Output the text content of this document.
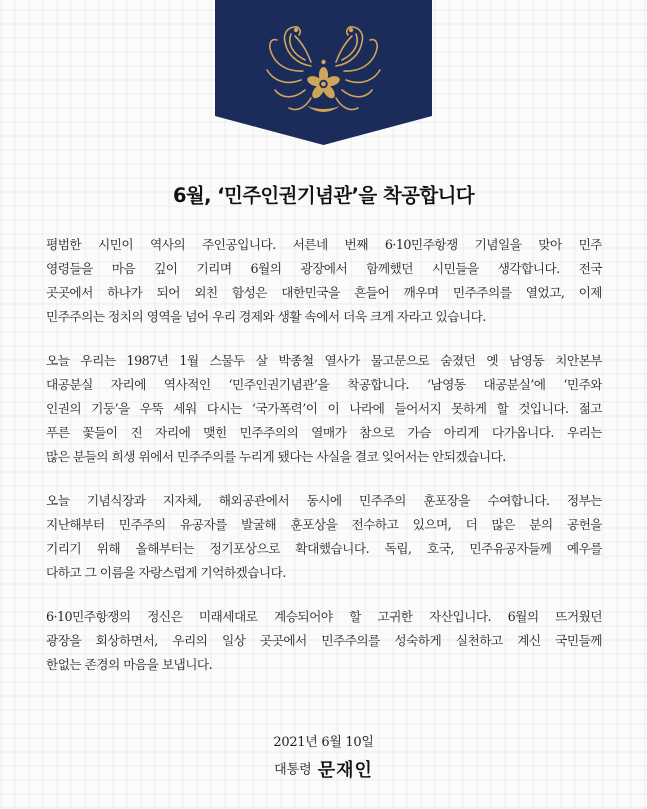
6월, ‘민주인권기념관’을 착공합니다
평범한 시민이 역사의 주인공입니다. 서른네 번째 6·10민주항쟁 기념일을 맞아 민주
영령들을 마음 깊이 기리며 6월의 광장에서 함께했던 시민들을 생각합니다. 전국
곳곳에서 하나가 되어 외친 함성은 대한민국을 흔들어 깨우며 민주주의를 열었고, 이제
민주주의는 정치의 영역을 넘어 우리 경제와 생활 속에서 더욱 크게 자라고 있습니다.
오늘 우리는 1987년 1월 스물두 살 박종철 열사가 물고문으로 숨졌던 옛 남영동 치안본부
대공분실 자리에 역사적인 ‘민주인권기념관’을 착공합니다. ‘남영동 대공분실’에 ‘민주와
인권의 기둥’을 우뚝 세워 다시는 ‘국가폭력’이 이 나라에 들어서지 못하게 할 것입니다. 젊고
푸른 꽃들이 진 자리에 맺힌 민주주의의 열매가 참으로 가슴 아리게 다가옵니다. 우리는
많은 분들의 희생 위에서 민주주의를 누리게 됐다는 사실을 결코 잊어서는 안되겠습니다.
오늘 기념식장과 지자체, 해외공관에서 동시에 민주주의 훈포장을 수여합니다. 정부는
지난해부터 민주주의 유공자를 발굴해 훈포상을 전수하고 있으며, 더 많은 분의 공헌을
기리기 위해 올해부터는 정기포상으로 확대했습니다. 독립, 호국, 민주유공자들께 예우를
다하고 그 이름을 자랑스럽게 기억하겠습니다.
6·10민주항쟁의 정신은 미래세대로 계승되어야 할 고귀한 자산입니다. 6월의 뜨거웠던
광장을 회상하면서, 우리의 일상 곳곳에서 민주주의를 성숙하게 실천하고 계신 국민들께
한없는 존경의 마음을 보냅니다.
2021년 6월 10일
대통령 문재인
